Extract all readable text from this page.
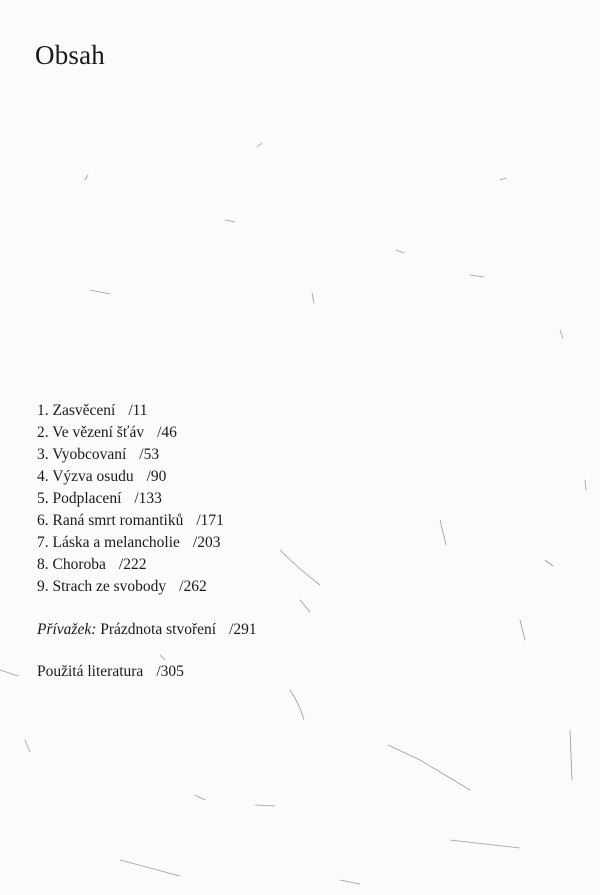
Obsah
1. Zasvěcení /11
2. Ve vězení šťáv /46
3. Vyobcovaní /53
4. Výzva osudu /90
5. Podplacení /133
6. Raná smrt romantiků /171
7. Láska a melancholie /203
8. Choroba /222
9. Strach ze svobody /262

Přívažek: Prázdnota stvoření /291

Použitá literatura /305
